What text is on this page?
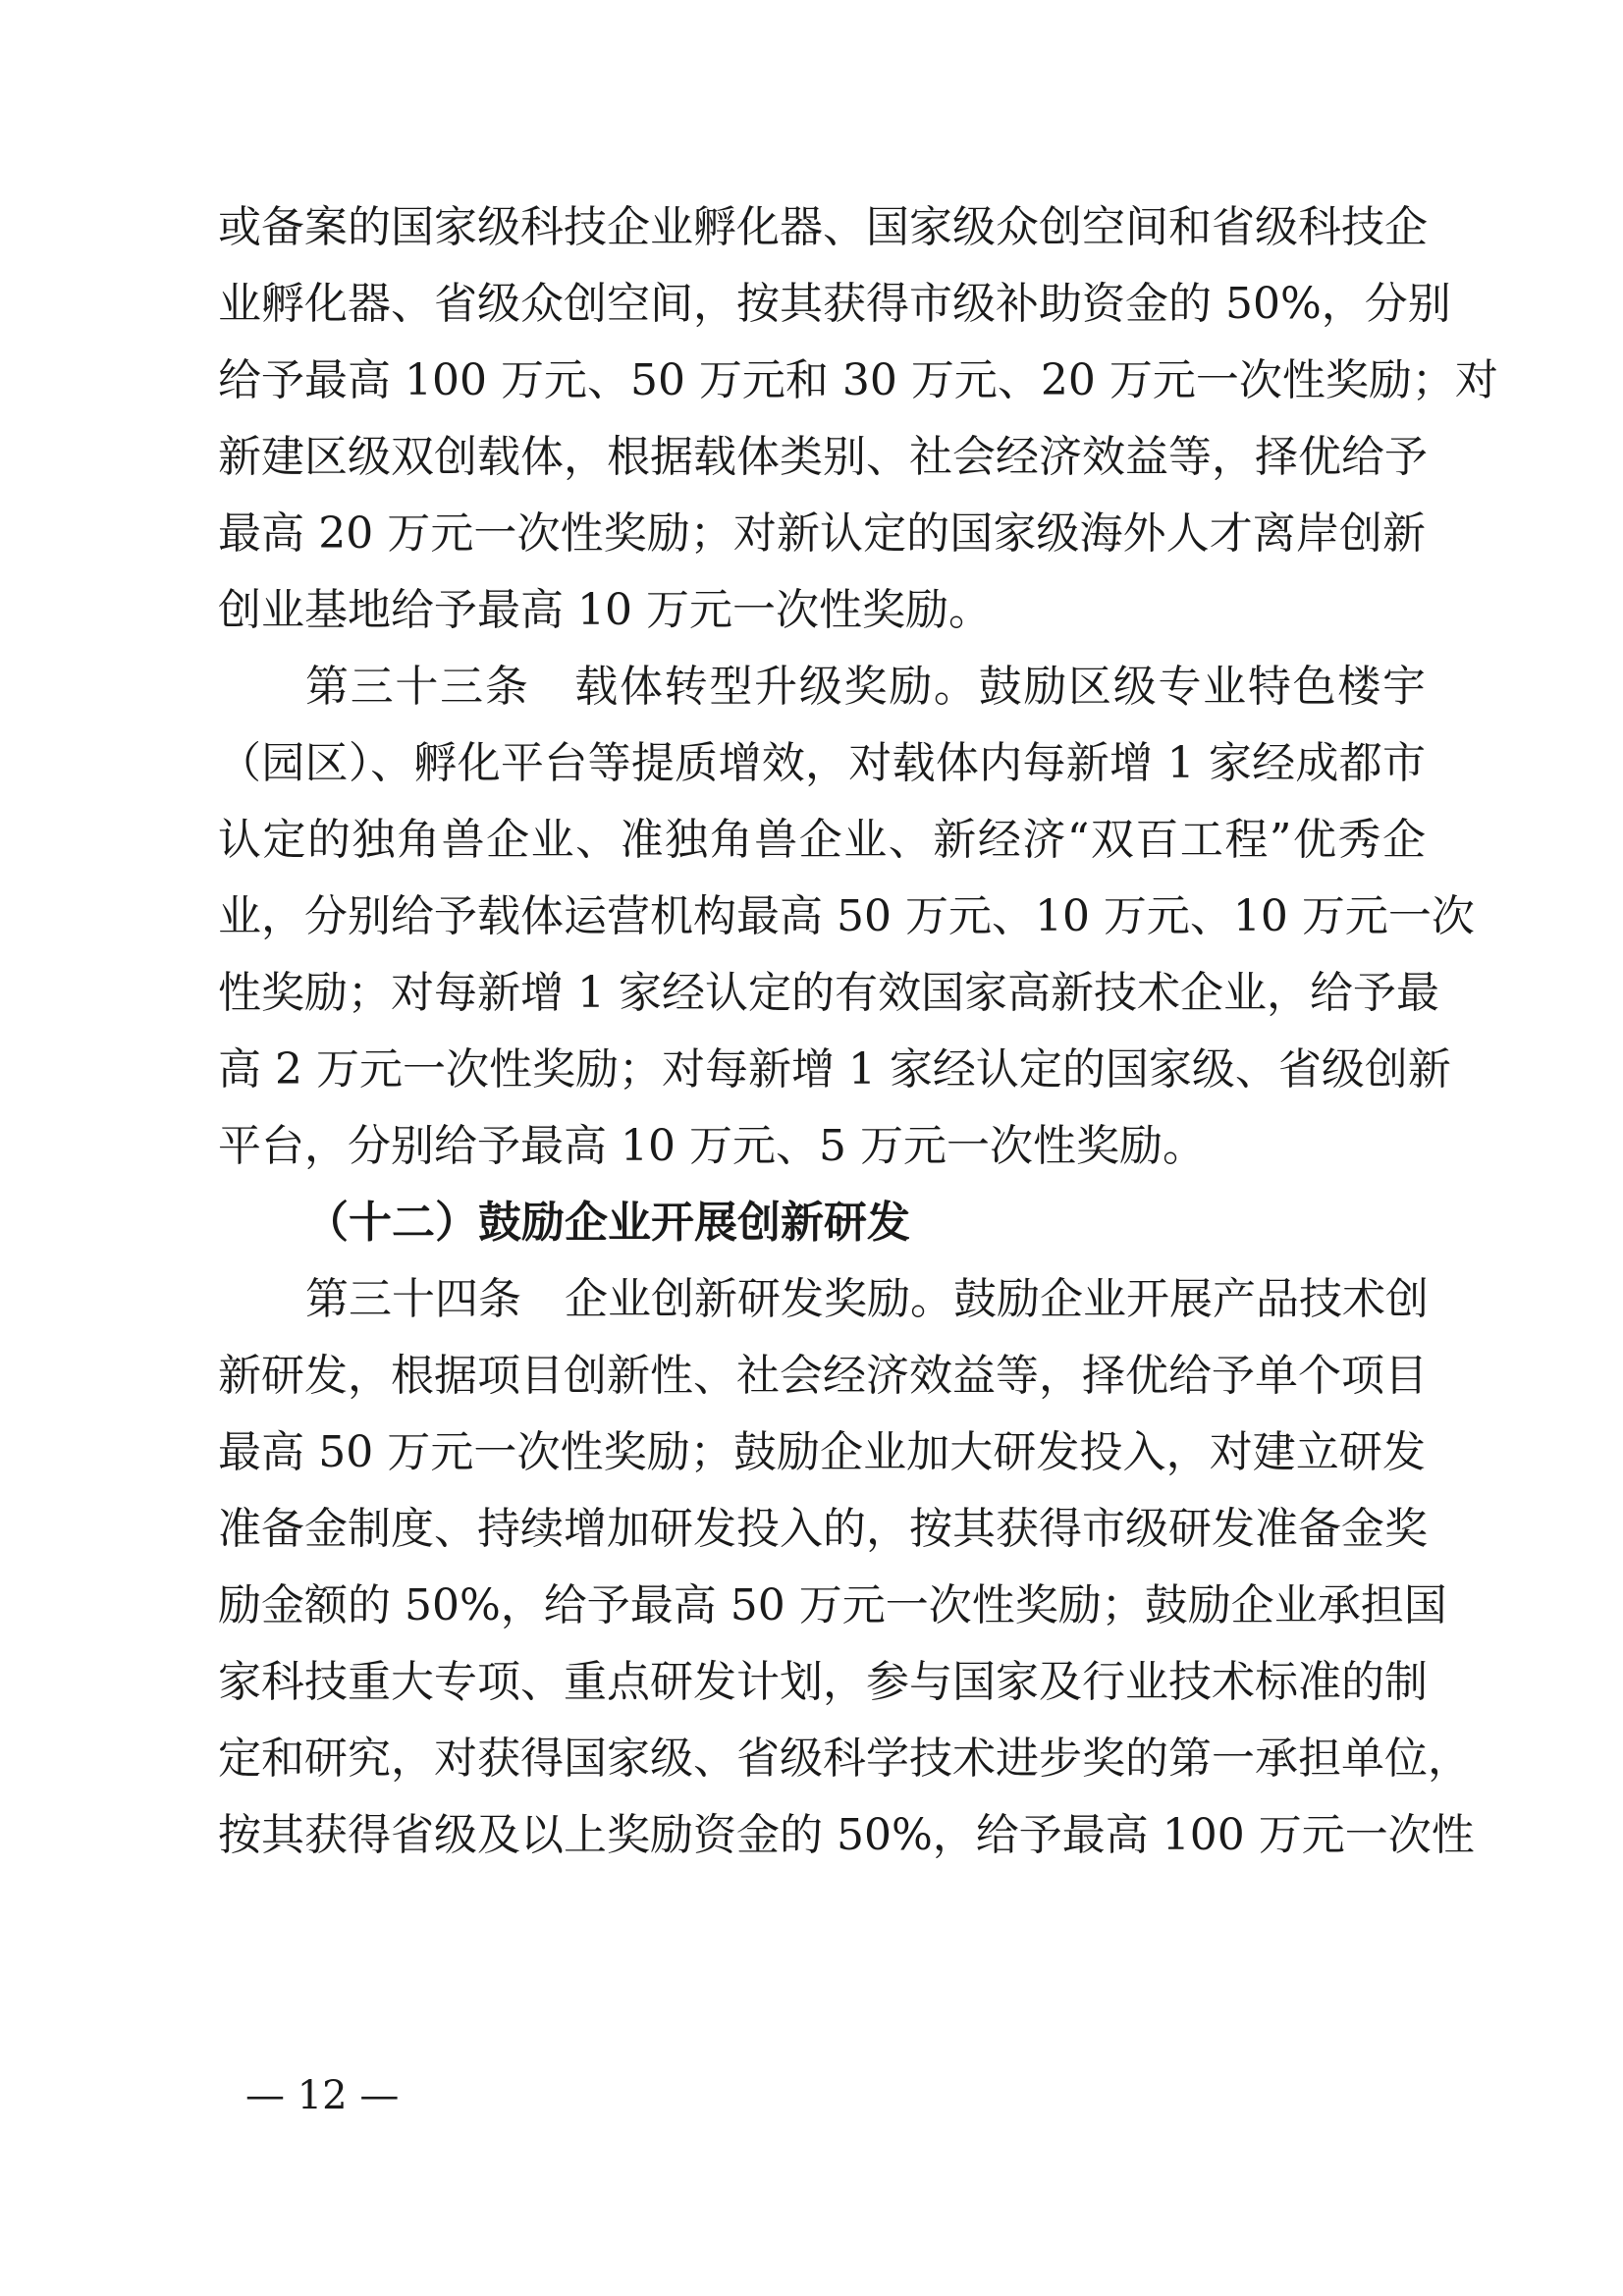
或备案的国家级科技企业孵化器、国家级众创空间和省级科技企
业孵化器、省级众创空间，按其获得市级补助资金的 50%，分别
给予最高 100 万元、50 万元和 30 万元、20 万元一次性奖励；对
新建区级双创载体，根据载体类别、社会经济效益等，择优给予
最高 20 万元一次性奖励；对新认定的国家级海外人才离岸创新
创业基地给予最高 10 万元一次性奖励。
第三十三条　载体转型升级奖励。鼓励区级专业特色楼宇
（园区）、孵化平台等提质增效，对载体内每新增 1 家经成都市
认定的独角兽企业、准独角兽企业、新经济“双百工程”优秀企
业，分别给予载体运营机构最高 50 万元、10 万元、10 万元一次
性奖励；对每新增 1 家经认定的有效国家高新技术企业，给予最
高 2 万元一次性奖励；对每新增 1 家经认定的国家级、省级创新
平台，分别给予最高 10 万元、5 万元一次性奖励。
（十二）鼓励企业开展创新研发
第三十四条　企业创新研发奖励。鼓励企业开展产品技术创
新研发，根据项目创新性、社会经济效益等，择优给予单个项目
最高 50 万元一次性奖励；鼓励企业加大研发投入，对建立研发
准备金制度、持续增加研发投入的，按其获得市级研发准备金奖
励金额的 50%，给予最高 50 万元一次性奖励；鼓励企业承担国
家科技重大专项、重点研发计划，参与国家及行业技术标准的制
定和研究，对获得国家级、省级科学技术进步奖的第一承担单位，
按其获得省级及以上奖励资金的 50%，给予最高 100 万元一次性
— 12 —
